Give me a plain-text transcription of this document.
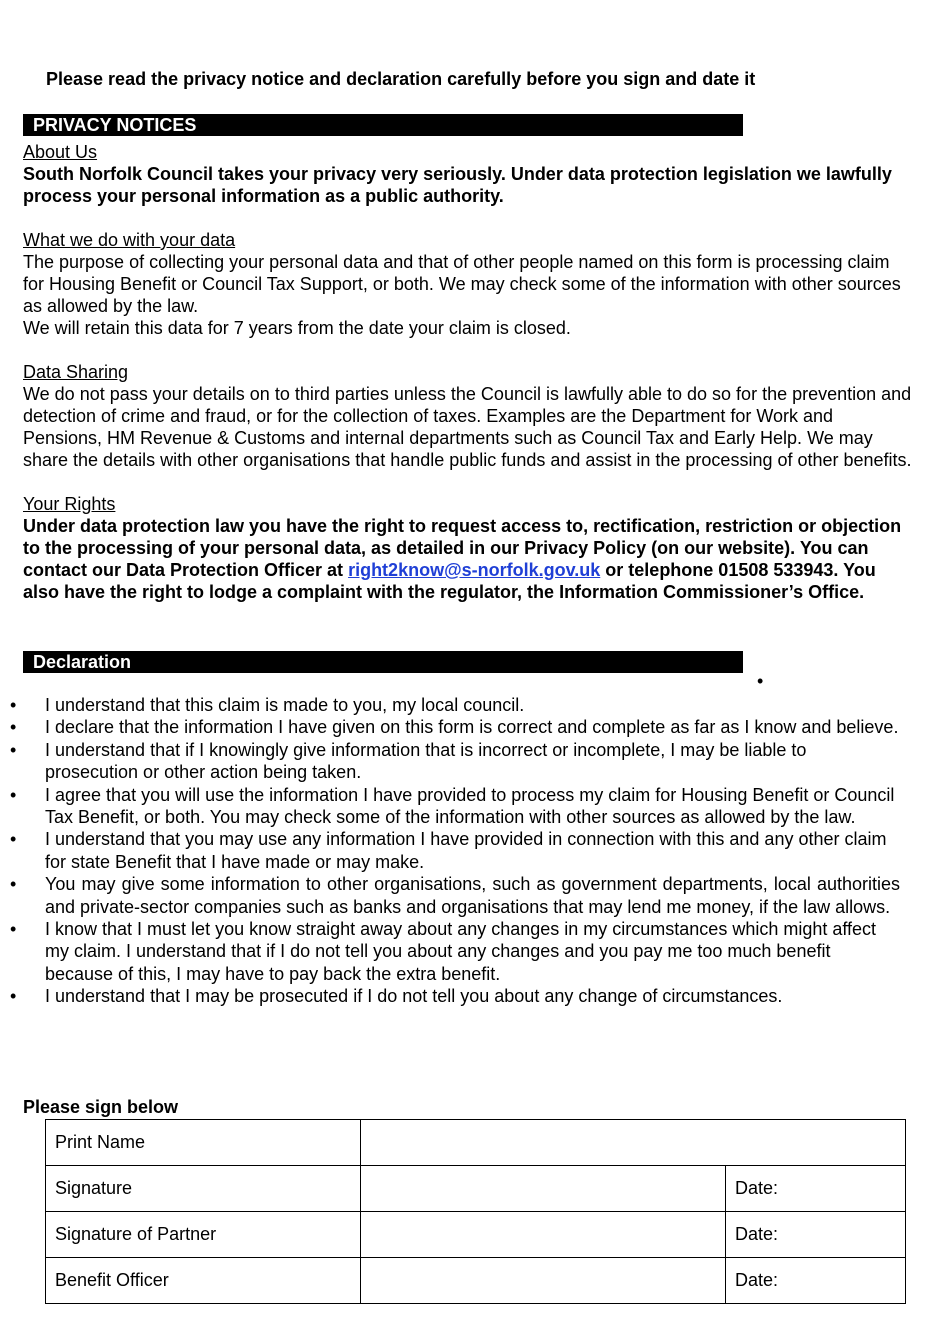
Please read the privacy notice and declaration carefully before you sign and date it
PRIVACY NOTICES

About Us

South Norfolk Council takes your privacy very seriously. Under data protection legislation we lawfully process your personal information as a public authority.

What we do with your data

The purpose of collecting your personal data and that of other people named on this form is processing claim for Housing Benefit or Council Tax Support, or both. We may check some of the information with other sources as allowed by the law.

We will retain this data for 7 years from the date your claim is closed.

Data Sharing

We do not pass your details on to third parties unless the Council is lawfully able to do so for the prevention and detection of crime and fraud, or for the collection of taxes. Examples are the Department for Work and Pensions, HM Revenue & Customs and internal departments such as Council Tax and Early Help. We may share the details with other organisations that handle public funds and assist in the processing of other benefits.

Your Rights

Under data protection law you have the right to request access to, rectification, restriction or objection to the processing of your personal data, as detailed in our Privacy Policy (on our website). You can contact our Data Protection Officer at right2know@s-norfolk.gov.uk or telephone 01508 533943. You also have the right to lodge a complaint with the regulator, the Information Commissioner’s Office.

Declaration
•
• I understand that this claim is made to you, my local council.
• I declare that the information I have given on this form is correct and complete as far as I know and believe.
• I understand that if I knowingly give information that is incorrect or incomplete, I may be liable to prosecution or other action being taken.
• I agree that you will use the information I have provided to process my claim for Housing Benefit or Council Tax Benefit, or both. You may check some of the information with other sources as allowed by the law.
• I understand that you may use any information I have provided in connection with this and any other claim for state Benefit that I have made or may make.
• You may give some information to other organisations, such as government departments, local authorities and private-sector companies such as banks and organisations that may lend me money, if the law allows.
• I know that I must let you know straight away about any changes in my circumstances which might affect my claim. I understand that if I do not tell you about any changes and you pay me too much benefit because of this, I may have to pay back the extra benefit.
• I understand that I may be prosecuted if I do not tell you about any change of circumstances.
Please sign below
Print Name		
Signature		Date:
Signature of Partner		Date:
Benefit Officer		Date:
